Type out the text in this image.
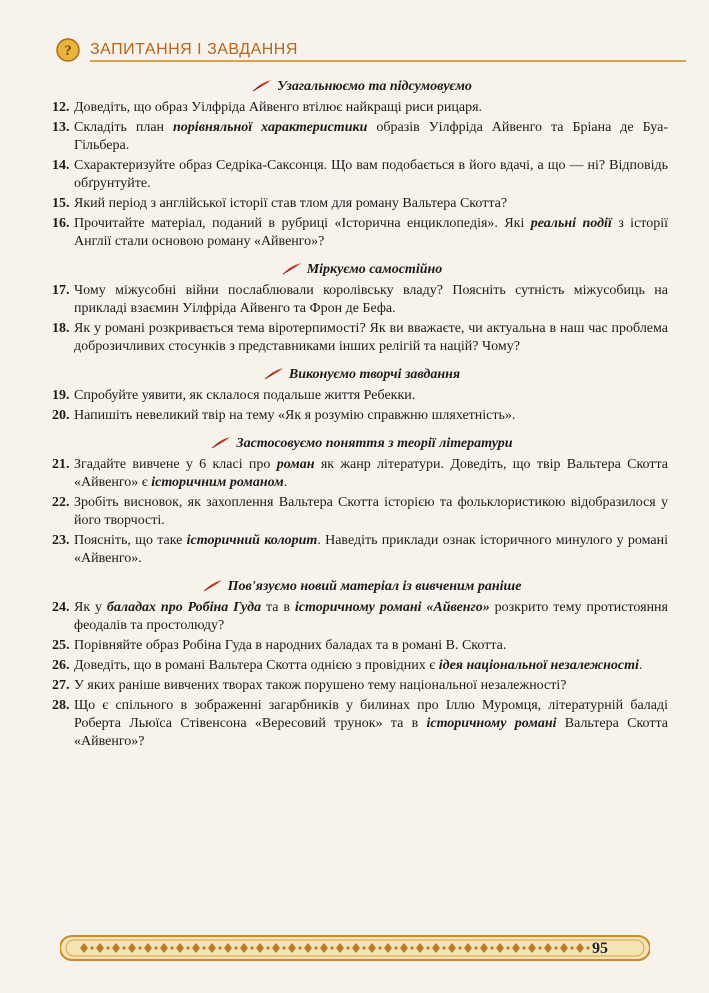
? ЗАПИТАННЯ І ЗАВДАННЯ
Узагальнюємо та підсумовуємо
12. Доведіть, що образ Уілфріда Айвенго втілює найкращі риси рицаря.
13. Складіть план порівняльної характеристики образів Уілфріда Айвенго та Бріана де Буа-Гільбера.
14. Схарактеризуйте образ Седріка-Саксонця. Що вам подобається в його вдачі, а що — ні? Відповідь обґрунтуйте.
15. Який період з англійської історії став тлом для роману Вальтера Скотта?
16. Прочитайте матеріал, поданий в рубриці «Історична енциклопедія». Які реальні події з історії Англії стали основою роману «Айвенго»?
Міркуємо самостійно
17. Чому міжусобні війни послаблювали королівську владу? Поясніть сутність міжусобиць на прикладі взаємин Уілфріда Айвенго та Фрон де Бефа.
18. Як у романі розкривається тема віротерпимості? Як ви вважаєте, чи актуальна в наш час проблема доброзичливих стосунків з представниками інших релігій та націй? Чому?
Виконуємо творчі завдання
19. Спробуйте уявити, як склалося подальше життя Ребекки.
20. Напишіть невеликий твір на тему «Як я розумію справжню шляхетність».
Застосовуємо поняття з теорії літератури
21. Згадайте вивчене у 6 класі про роман як жанр літератури. Доведіть, що твір Вальтера Скотта «Айвенго» є історичним романом.
22. Зробіть висновок, як захоплення Вальтера Скотта історією та фольклористикою відобразилося у його творчості.
23. Поясніть, що таке історичний колорит. Наведіть приклади ознак історичного минулого у романі «Айвенго».
Пов'язуємо новий матеріал із вивченим раніше
24. Як у баладах про Робіна Гуда та в історичному романі «Айвенго» розкрито тему протистояння феодалів та простолюду?
25. Порівняйте образ Робіна Гуда в народних баладах та в романі В. Скотта.
26. Доведіть, що в романі Вальтера Скотта однією з провідних є ідея національної незалежності.
27. У яких раніше вивчених творах також порушено тему національної незалежності?
28. Що є спільного в зображенні загарбників у билинах про Іллю Муромця, літературній баладі Роберта Льюїса Стівенсона «Вересовий трунок» та в історичному романі Вальтера Скотта «Айвенго»?
95
